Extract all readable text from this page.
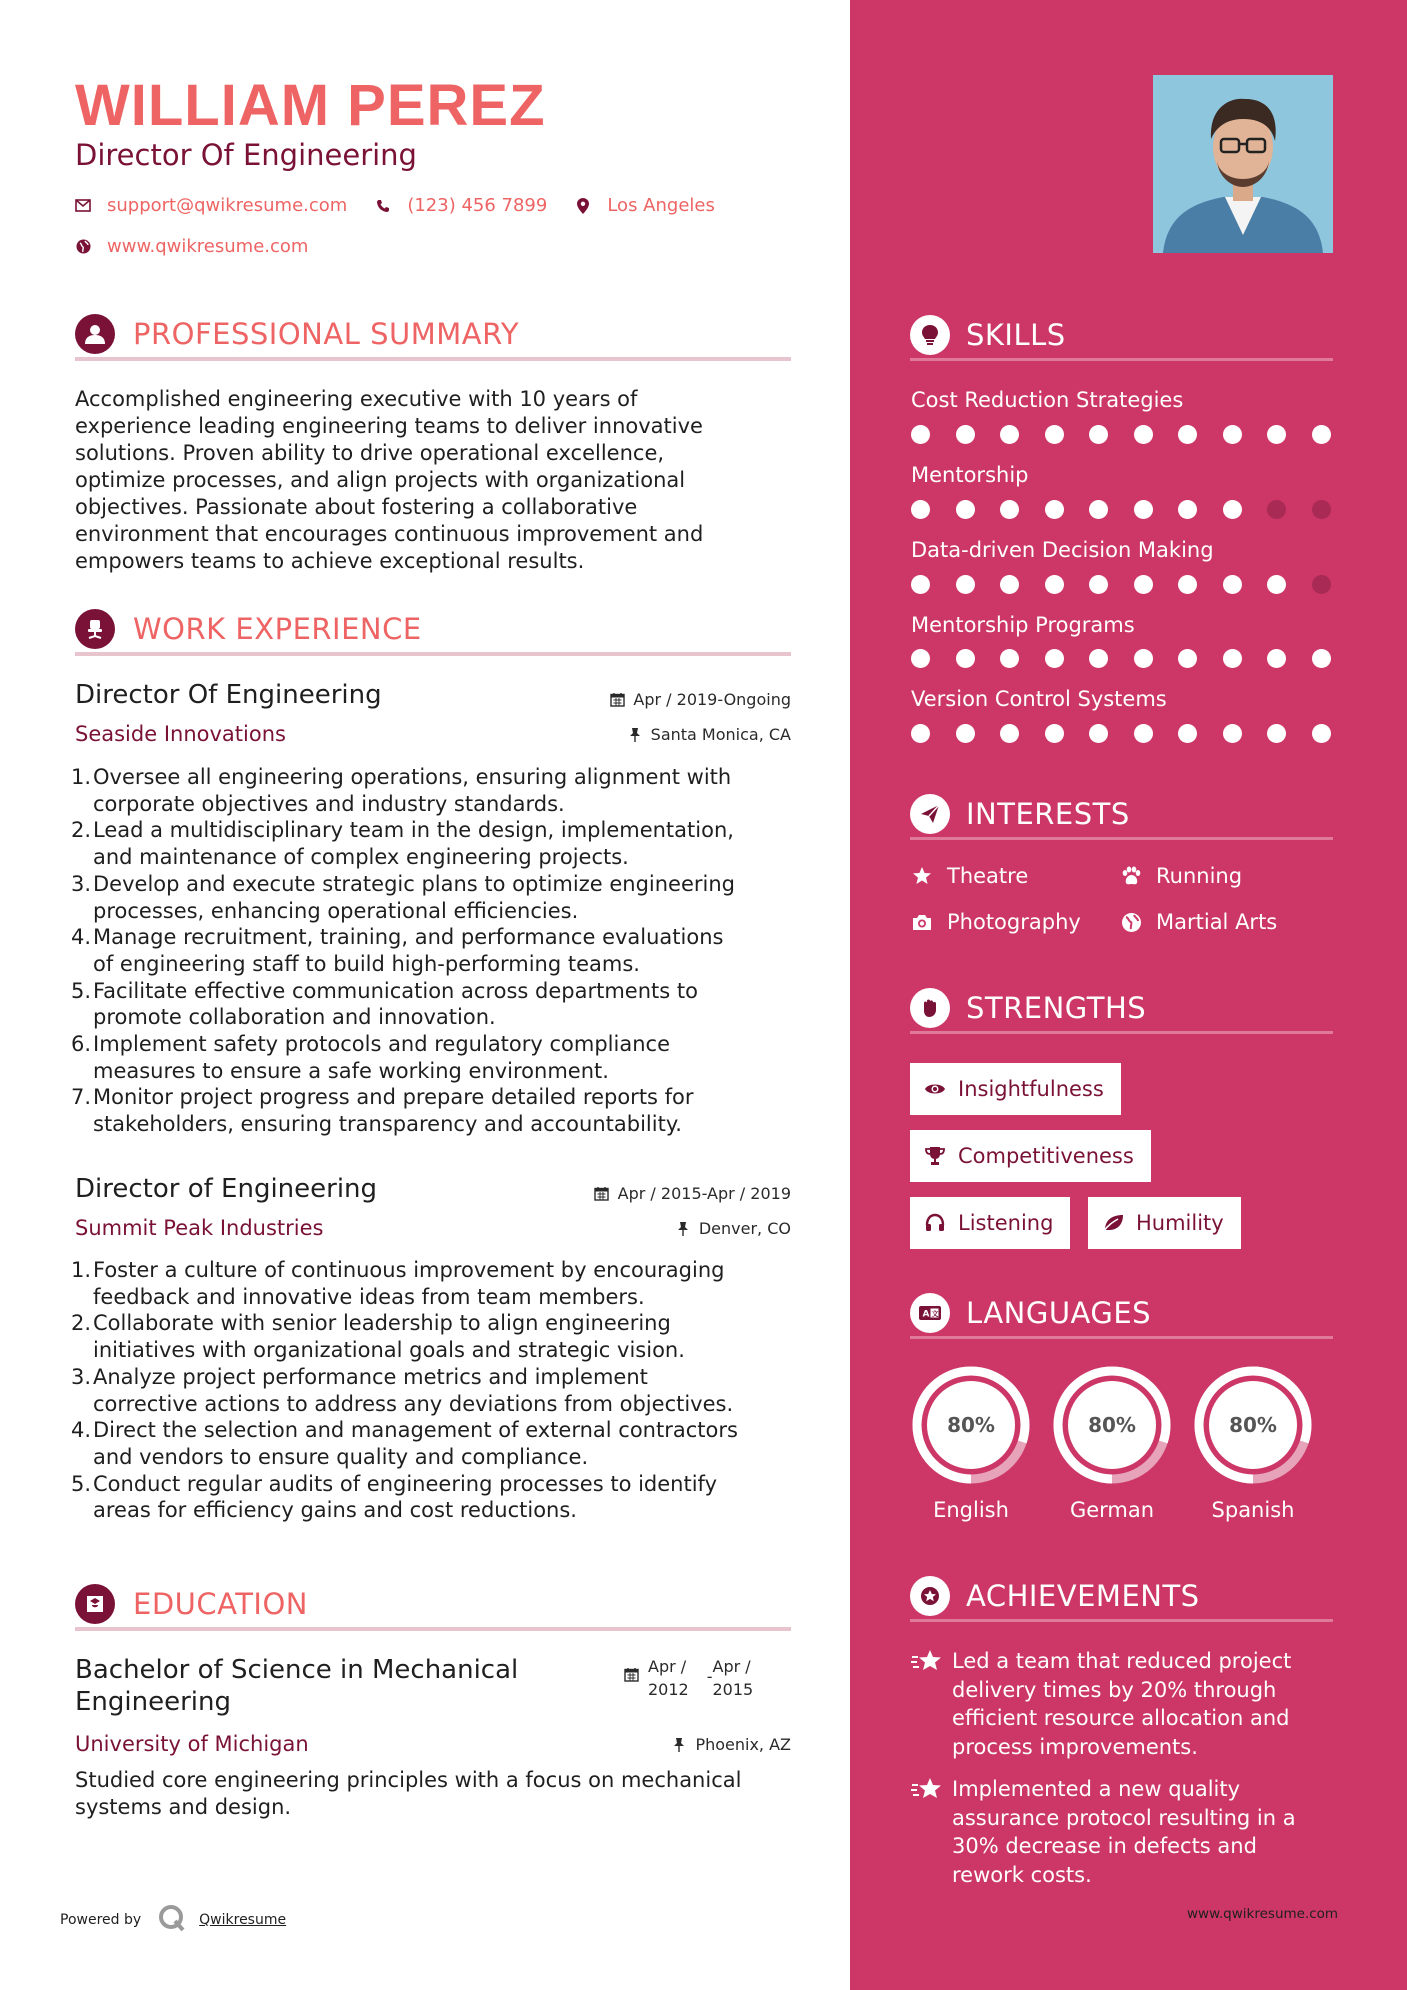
WILLIAM PEREZ
Director Of Engineering
support@qwikresume.com	(123) 456 7899	Los Angeles
www.qwikresume.com
PROFESSIONAL SUMMARY
Accomplished engineering executive with 10 years of
experience leading engineering teams to deliver innovative
solutions. Proven ability to drive operational excellence,
optimize processes, and align projects with organizational
objectives. Passionate about fostering a collaborative
environment that encourages continuous improvement and
empowers teams to achieve exceptional results.
WORK EXPERIENCE
Director Of Engineering	Apr / 2019-Ongoing
Seaside Innovations	Santa Monica, CA
1. Oversee all engineering operations, ensuring alignment with
corporate objectives and industry standards.
2. Lead a multidisciplinary team in the design, implementation,
and maintenance of complex engineering projects.
3. Develop and execute strategic plans to optimize engineering
processes, enhancing operational efficiencies.
4. Manage recruitment, training, and performance evaluations
of engineering staff to build high-performing teams.
5. Facilitate effective communication across departments to
promote collaboration and innovation.
6. Implement safety protocols and regulatory compliance
measures to ensure a safe working environment.
7. Monitor project progress and prepare detailed reports for
stakeholders, ensuring transparency and accountability.
Director of Engineering	Apr / 2015-Apr / 2019
Summit Peak Industries	Denver, CO
1. Foster a culture of continuous improvement by encouraging
feedback and innovative ideas from team members.
2. Collaborate with senior leadership to align engineering
initiatives with organizational goals and strategic vision.
3. Analyze project performance metrics and implement
corrective actions to address any deviations from objectives.
4. Direct the selection and management of external contractors
and vendors to ensure quality and compliance.
5. Conduct regular audits of engineering processes to identify
areas for efficiency gains and cost reductions.
EDUCATION
Bachelor of Science in Mechanical
Engineering
Apr /
2012
-
Apr /
2015
University of Michigan	Phoenix, AZ
Studied core engineering principles with a focus on mechanical
systems and design.
Powered by	Qwikresume
SKILLS
Cost Reduction Strategies
Mentorship
Data-driven Decision Making
Mentorship Programs
Version Control Systems
INTERESTS
Theatre	Running
Photography	Martial Arts
STRENGTHS
Insightfulness
Competitiveness
Listening	Humility
A 文 LANGUAGES
80%	80%	80%
English	German	Spanish
ACHIEVEMENTS
Led a team that reduced project
delivery times by 20% through
efficient resource allocation and
process improvements.
Implemented a new quality
assurance protocol resulting in a
30% decrease in defects and
rework costs.
www.qwikresume.com
